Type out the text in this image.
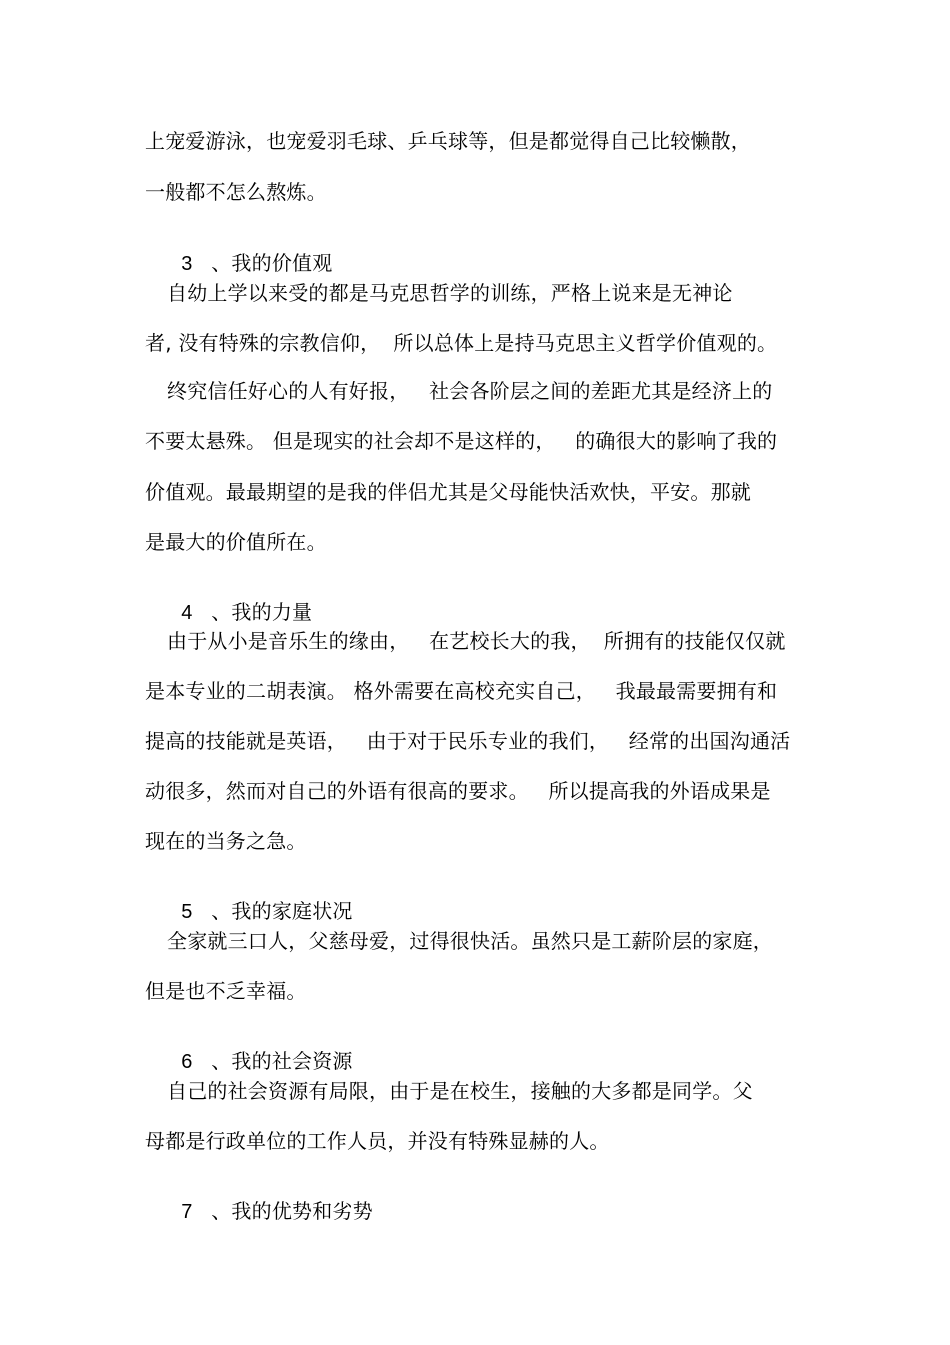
上宠爱游泳，也宠爱羽毛球、乒乓球等，但是都觉得自己比较懒散，
一般都不怎么熬炼。

3 、我的价值观

自幼上学以来受的都是马克思哲学的训练，严格上说来是无神论
者, 没有特殊的宗教信仰，  所以总体上是持马克思主义哲学价值观的。
终究信任好心的人有好报，   社会各阶层之间的差距尤其是经济上的
不要太悬殊。 但是现实的社会却不是这样的，   的确很大的影响了我的
价值观。最最期望的是我的伴侣尤其是父母能快活欢快，平安。那就
是最大的价值所在。

4 、我的力量

由于从小是音乐生的缘由，   在艺校长大的我，  所拥有的技能仅仅就
是本专业的二胡表演。 格外需要在高校充实自己，   我最最需要拥有和
提高的技能就是英语，   由于对于民乐专业的我们，   经常的出国沟通活
动很多，然而对自己的外语有很高的要求。   所以提高我的外语成果是
现在的当务之急。

5 、我的家庭状况

全家就三口人，父慈母爱，过得很快活。虽然只是工薪阶层的家庭，
但是也不乏幸福。

6 、我的社会资源

自己的社会资源有局限，由于是在校生，接触的大多都是同学。父
母都是行政单位的工作人员，并没有特殊显赫的人。

7 、我的优势和劣势
